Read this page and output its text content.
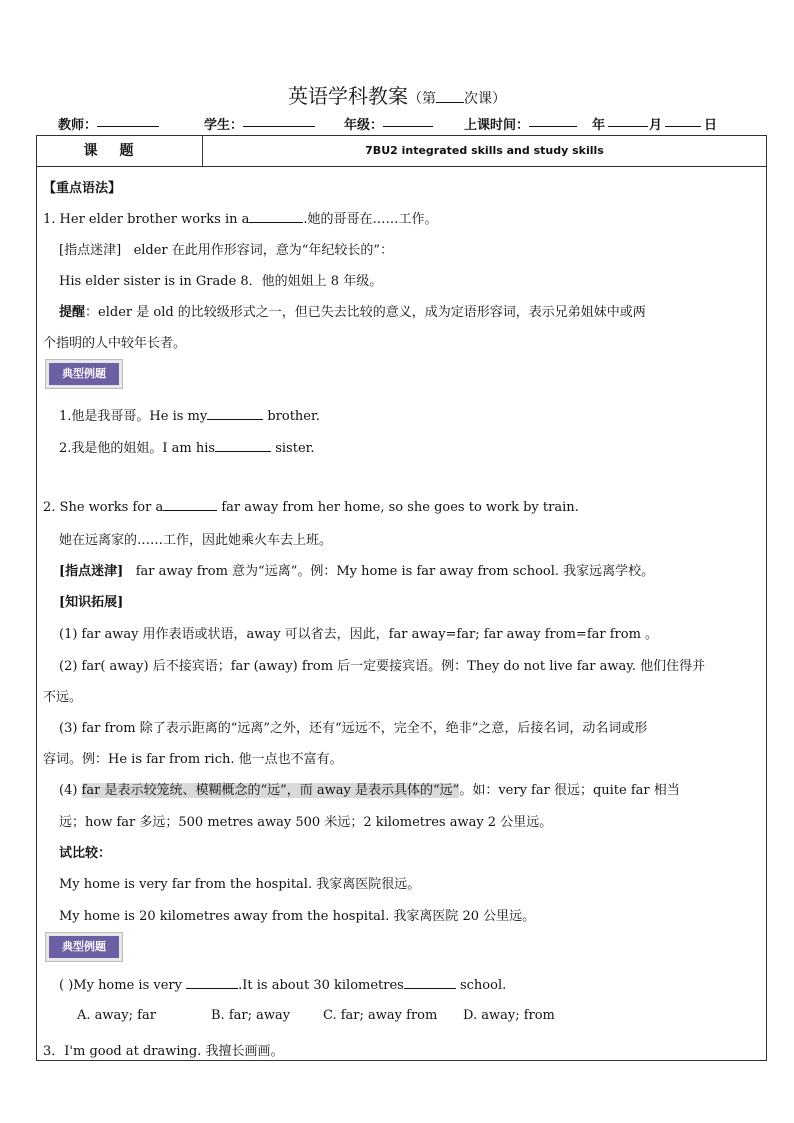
英语学科教案（第 次课）
教师：	学生：	年级：	上课时间：	年	月	日
课题	7BU2 integrated skills and study skills
【重点语法】
1. Her elder brother works in a	.她的哥哥在……工作。
[指点迷津] elder 在此用作形容词，意为“年纪较长的”：
His elder sister is in Grade 8．他的姐姐上 8 年级。
提醒：elder 是 old 的比较级形式之一，但已失去比较的意义，成为定语形容词，表示兄弟姐妹中或两
个指明的人中较年长者。
典型例题
1.他是我哥哥。He is my	brother.
2.我是他的姐姐。I am his	sister.
2. She works for a	far away from her home, so she goes to work by train.
她在远离家的……工作，因此她乘火车去上班。
[指点迷津] far away from 意为“远离”。例：My home is far away from school. 我家远离学校。
[知识拓展]
(1) far away 用作表语或状语，away 可以省去，因此，far away=far; far away from=far from 。
(2) far( away) 后不接宾语；far (away) from 后一定要接宾语。例：They do not live far away. 他们住得并
不远。
(3) far from 除了表示距离的“远离”之外，还有“远远不，完全不，绝非”之意，后接名词，动名词或形
容词。例：He is far from rich. 他一点也不富有。
(4) far 是表示较笼统、模糊概念的“远”，而 away 是表示具体的“远”。如：very far 很远；quite far 相当
远；how far 多远；500 metres away 500 米远；2 kilometres away 2 公里远。
试比较：
My home is very far from the hospital. 我家离医院很远。
My home is 20 kilometres away from the hospital. 我家离医院 20 公里远。
典型例题
( )My home is very	.It is about 30 kilometres	school.
A. away; far	B. far; away	C. far; away from D. away; from
3．I'm good at drawing. 我擅长画画。
